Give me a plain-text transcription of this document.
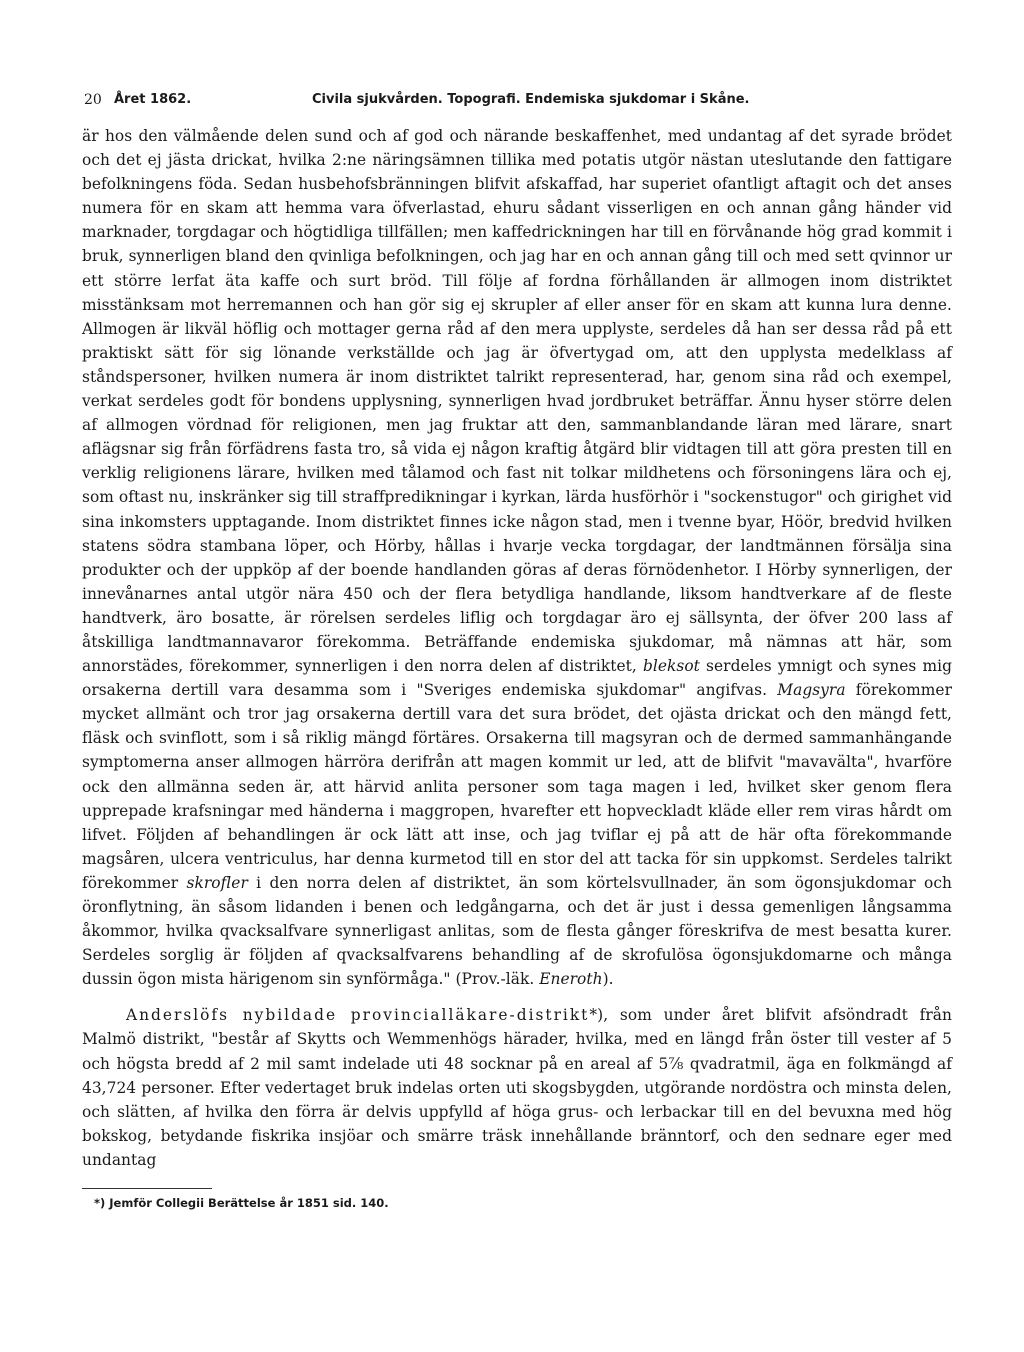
20 Året 1862.	Civila sjukvården. Topografi. Endemiska sjukdomar i Skåne.

är hos den välmående delen sund och af god och närande beskaffenhet, med undantag af det syrade brödet och det ej jästa drickat, hvilka 2:ne näringsämnen tillika med potatis utgör nästan uteslutande den fattigare befolkningens föda. Sedan husbehofsbränningen blifvit afskaffad, har superiet ofantligt aftagit och det anses numera för en skam att hemma vara öfverlastad, ehuru sådant visserligen en och annan gång händer vid marknader, torgdagar och högtidliga tillfällen; men kaffedrickningen har till en förvånande hög grad kommit i bruk, synnerligen bland den qvinliga befolkningen, och jag har en och annan gång till och med sett qvinnor ur ett större lerfat äta kaffe och surt bröd. Till följe af fordna förhållanden är allmogen inom distriktet misstänksam mot herremannen och han gör sig ej skrupler af eller anser för en skam att kunna lura denne. Allmogen är likväl höflig och mottager gerna råd af den mera upplyste, serdeles då han ser dessa råd på ett praktiskt sätt för sig lönande verkställde och jag är öfvertygad om, att den upplysta medelklass af ståndspersoner, hvilken numera är inom distriktet talrikt representerad, har, genom sina råd och exempel, verkat serdeles godt för bondens upplysning, synnerligen hvad jordbruket beträffar. Ännu hyser större delen af allmogen vördnad för religionen, men jag fruktar att den, sammanblandande läran med lärare, snart aflägsnar sig från förfädrens fasta tro, så vida ej någon kraftig åtgärd blir vidtagen till att göra presten till en verklig religionens lärare, hvilken med tålamod och fast nit tolkar mildhetens och försoningens lära och ej, som oftast nu, inskränker sig till straffpredikningar i kyrkan, lärda husförhör i "sockenstugor" och girighet vid sina inkomsters upptagande. Inom distriktet finnes icke någon stad, men i tvenne byar, Höör, bredvid hvilken statens södra stambana löper, och Hörby, hållas i hvarje vecka torgdagar, der landtmännen försälja sina produkter och der uppköp af der boende handlanden göras af deras förnödenhetor. I Hörby synnerligen, der innevånarnes antal utgör nära 450 och der flera betydliga handlande, liksom handtverkare af de fleste handtverk, äro bosatte, är rörelsen serdeles liflig och torgdagar äro ej sällsynta, der öfver 200 lass af åtskilliga landtmannavaror förekomma. Beträffande endemiska sjukdomar, må nämnas att här, som annorstädes, förekommer, synnerligen i den norra delen af distriktet, bleksot serdeles ymnigt och synes mig orsakerna dertill vara desamma som i "Sveriges endemiska sjukdomar" angifvas. Magsyra förekommer mycket allmänt och tror jag orsakerna dertill vara det sura brödet, det ojästa drickat och den mängd fett, fläsk och svinflott, som i så riklig mängd förtäres. Orsakerna till magsyran och de dermed sammanhängande symptomerna anser allmogen härröra derifrån att magen kommit ur led, att de blifvit "mavavälta", hvarföre ock den allmänna seden är, att härvid anlita personer som taga magen i led, hvilket sker genom flera upprepade krafsningar med händerna i maggropen, hvarefter ett hopveckladt kläde eller rem viras hårdt om lifvet. Följden af behandlingen är ock lätt att inse, och jag tviflar ej på att de här ofta förekommande magsåren, ulcera ventriculus, har denna kurmetod till en stor del att tacka för sin uppkomst. Serdeles talrikt förekommer skrofler i den norra delen af distriktet, än som körtelsvullnader, än som ögonsjukdomar och öronflytning, än såsom lidanden i benen och ledgångarna, och det är just i dessa gemenligen långsamma åkommor, hvilka qvacksalfvare synnerligast anlitas, som de flesta gånger föreskrifva de mest besatta kurer. Serdeles sorglig är följden af qvacksalfvarens behandling af de skrofulösa ögonsjukdomarne och många dussin ögon mista härigenom sin synförmåga." (Prov.-läk. Eneroth).

Anderslöfs nybildade provincialläkare-distrikt*), som under året blifvit afsöndradt från Malmö distrikt, "består af Skytts och Wemmenhögs härader, hvilka, med en längd från öster till vester af 5 och högsta bredd af 2 mil samt indelade uti 48 socknar på en areal af 5⅞ qvadratmil, äga en folkmängd af 43,724 personer. Efter vedertaget bruk indelas orten uti skogsbygden, utgörande nordöstra och minsta delen, och slätten, af hvilka den förra är delvis uppfylld af höga grus- och lerbackar till en del bevuxna med hög bokskog, betydande fiskrika insjöar och smärre träsk innehållande bränntorf, och den sednare eger med undantag

*) Jemför Collegii Berättelse år 1851 sid. 140.
